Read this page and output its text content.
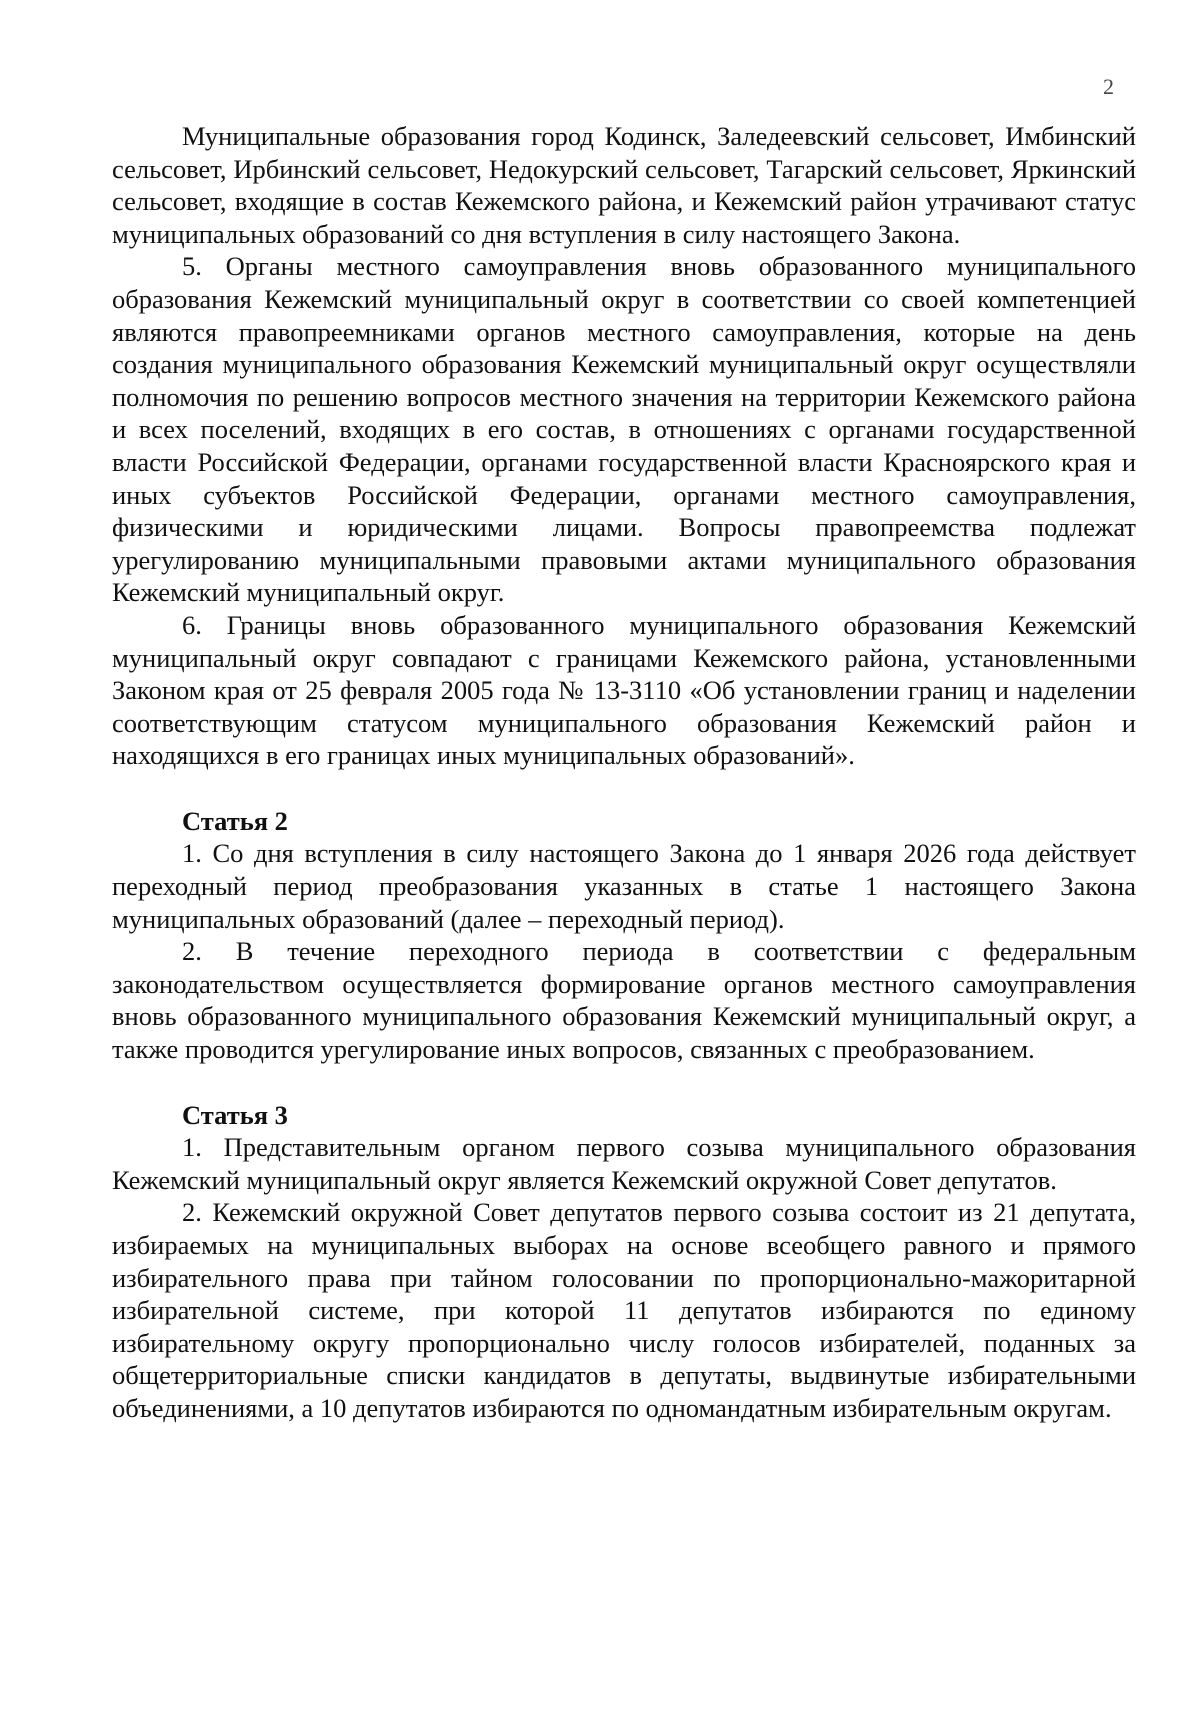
2

Муниципальные образования город Кодинск, Заледеевский сельсовет, Имбинский сельсовет, Ирбинский сельсовет, Недокурский сельсовет, Тагарский сельсовет, Яркинский сельсовет, входящие в состав Кежемского района, и Кежемский район утрачивают статус муниципальных образований со дня вступления в силу настоящего Закона.

5. Органы местного самоуправления вновь образованного муниципального образования Кежемский муниципальный округ в соответствии со своей компетенцией являются правопреемниками органов местного самоуправления, которые на день создания муниципального образования Кежемский муниципальный округ осуществляли полномочия по решению вопросов местного значения на территории Кежемского района и всех поселений, входящих в его состав, в отношениях с органами государственной власти Российской Федерации, органами государственной власти Красноярского края и иных субъектов Российской Федерации, органами местного самоуправления, физическими и юридическими лицами. Вопросы правопреемства подлежат урегулированию муниципальными правовыми актами муниципального образования Кежемский муниципальный округ.

6. Границы вновь образованного муниципального образования Кежемский муниципальный округ совпадают с границами Кежемского района, установленными Законом края от 25 февраля 2005 года № 13-3110 «Об установлении границ и наделении соответствующим статусом муниципального образования Кежемский район и находящихся в его границах иных муниципальных образований».

Статья 2

1. Со дня вступления в силу настоящего Закона до 1 января 2026 года действует переходный период преобразования указанных в статье 1 настоящего Закона муниципальных образований (далее – переходный период).

2. В течение переходного периода в соответствии с федеральным законодательством осуществляется формирование органов местного самоуправления вновь образованного муниципального образования Кежемский муниципальный округ, а также проводится урегулирование иных вопросов, связанных с преобразованием.

Статья 3

1. Представительным органом первого созыва муниципального образования Кежемский муниципальный округ является Кежемский окружной Совет депутатов.

2. Кежемский окружной Совет депутатов первого созыва состоит из 21 депутата, избираемых на муниципальных выборах на основе всеобщего равного и прямого избирательного права при тайном голосовании по пропорционально-мажоритарной избирательной системе, при которой 11 депутатов избираются по единому избирательному округу пропорционально числу голосов избирателей, поданных за общетерриториальные списки кандидатов в депутаты, выдвинутые избирательными объединениями, а 10 депутатов избираются по одномандатным избирательным округам.
